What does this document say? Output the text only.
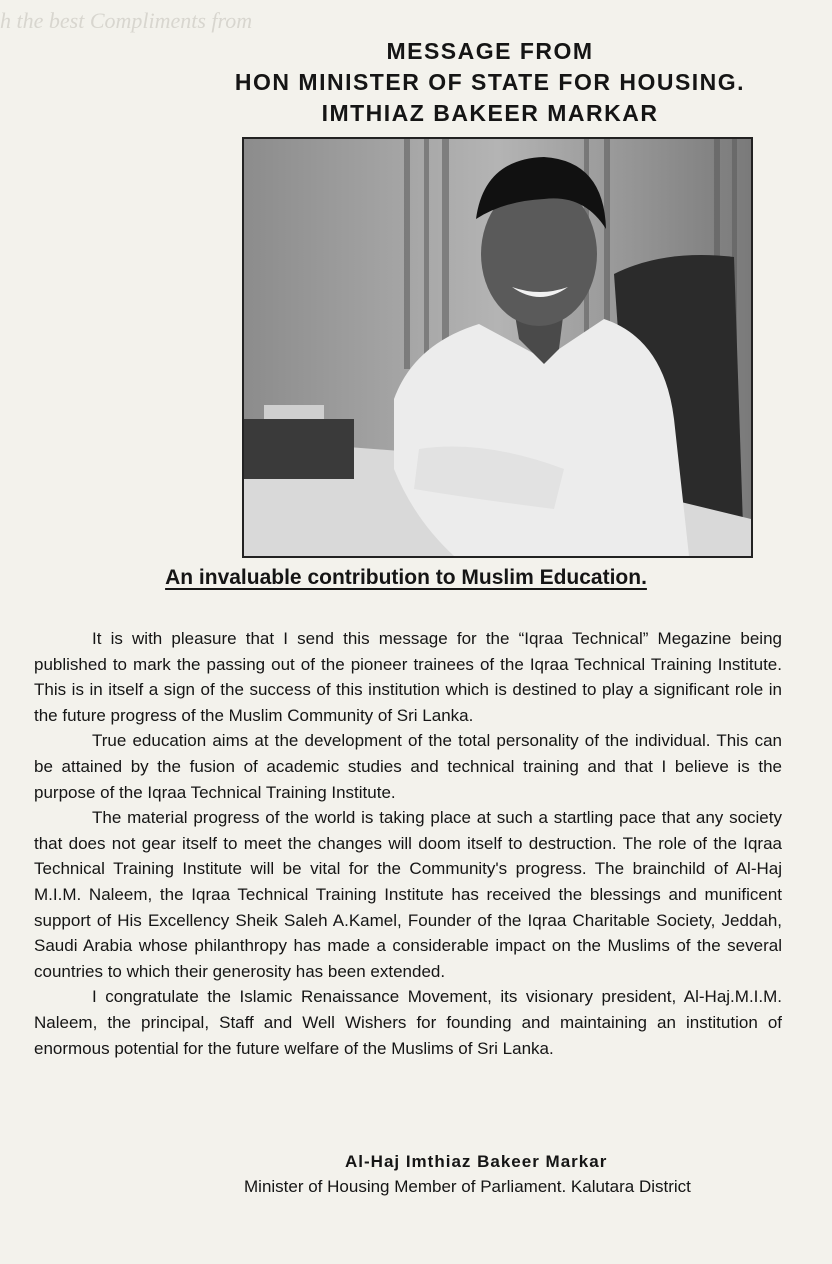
h the best Compliments from
MESSAGE FROM
HON MINISTER OF STATE FOR HOUSING.
IMTHIAZ BAKEER MARKAR
An invaluable contribution to Muslim Education.

It is with pleasure that I send this message for the “Iqraa Technical” Megazine being published to mark the passing out of the pioneer trainees of the Iqraa Technical Training Institute. This is in itself a sign of the success of this institution which is destined to play a significant role in the future progress of the Muslim Community of Sri Lanka.

True education aims at the development of the total personality of the individual. This can be attained by the fusion of academic studies and technical training and that I believe is the purpose of the Iqraa Technical Training Institute.

The material progress of the world is taking place at such a startling pace that any society that does not gear itself to meet the changes will doom itself to destruction. The role of the Iqraa Technical Training Institute will be vital for the Community's progress. The brainchild of Al-Haj M.I.M. Naleem, the Iqraa Technical Training Institute has received the blessings and munificent support of His Excellency Sheik Saleh A.Kamel, Founder of the Iqraa Charitable Society, Jeddah, Saudi Arabia whose philanthropy has made a considerable impact on the Muslims of the several countries to which their generosity has been extended.

I congratulate the Islamic Renaissance Movement, its visionary president, Al-Haj.M.I.M. Naleem, the principal, Staff and Well Wishers for founding and maintaining an institution of enormous potential for the future welfare of the Muslims of Sri Lanka.

Al-Haj Imthiaz Bakeer Markar
Minister of Housing Member of Parliament. Kalutara District
